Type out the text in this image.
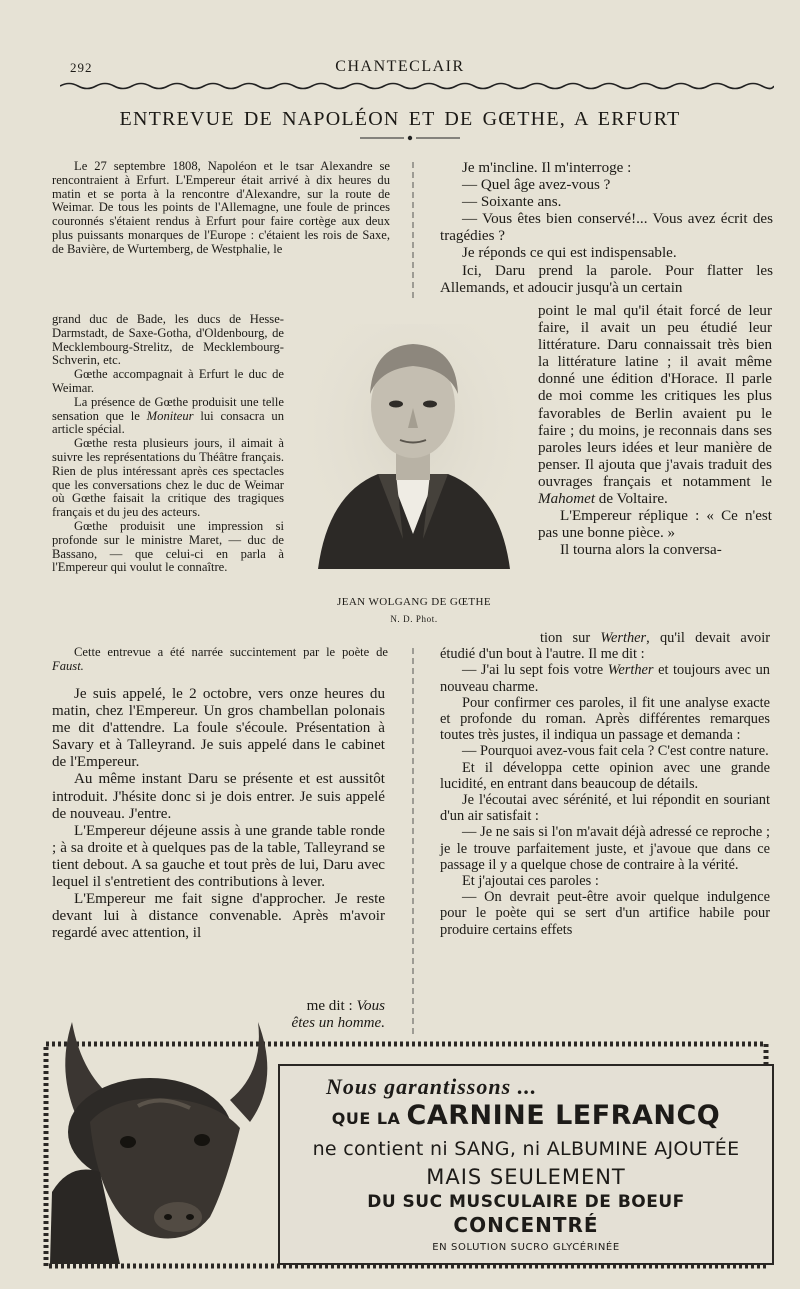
292	CHANTECLAIR
ENTREVUE DE NAPOLÉON ET DE GŒTHE, A ERFURT

Le 27 septembre 1808, Napoléon et le tsar Alexandre se rencontraient à Erfurt. L'Empereur était arrivé à dix heures du matin et se porta à la rencontre d'Alexandre, sur la route de Weimar. De tous les points de l'Allemagne, une foule de princes couronnés s'étaient rendus à Erfurt pour faire cortège aux deux plus puissants monarques de l'Europe : c'étaient les rois de Saxe, de Bavière, de Wurtemberg, de Westphalie, le

grand duc de Bade, les ducs de Hesse-Darmstadt, de Saxe-Gotha, d'Oldenbourg, de Mecklembourg-Strelitz, de Mecklembourg-Schverin, etc.

Gœthe accompagnait à Erfurt le duc de Weimar.

La présence de Gœthe produisit une telle sensation que le Moniteur lui consacra un article spécial.

Gœthe resta plusieurs jours, il aimait à suivre les représentations du Théâtre français. Rien de plus intéressant après ces spectacles que les conversations chez le duc de Weimar où Gœthe faisait la critique des tragiques français et du jeu des acteurs.

Gœthe produisit une impression si profonde sur le ministre Maret, — duc de Bassano, — que celui-ci en parla à l'Empereur qui voulut le connaître.

Cette entrevue a été narrée succintement par le poète de Faust.

Je suis appelé, le 2 octobre, vers onze heures du matin, chez l'Empereur. Un gros chambellan polonais me dit d'attendre. La foule s'écoule. Présentation à Savary et à Talleyrand. Je suis appelé dans le cabinet de l'Empereur.

Au même instant Daru se présente et est aussitôt introduit. J'hésite donc si je dois entrer. Je suis appelé de nouveau. J'entre.

L'Empereur déjeune assis à une grande table ronde ; à sa droite et à quelques pas de la table, Talleyrand se tient debout. A sa gauche et tout près de lui, Daru avec lequel il s'entretient des contributions à lever.

L'Empereur me fait signe d'approcher. Je reste devant lui à distance convenable. Après m'avoir regardé avec attention, il

me dit : Vous
êtes un homme.
JEAN WOLGANG DE GŒTHE
N. D. Phot.

Je m'incline. Il m'interroge :

— Quel âge avez-vous ?

— Soixante ans.

— Vous êtes bien conservé!... Vous avez écrit des tragédies ?

Je réponds ce qui est indispensable.

Ici, Daru prend la parole. Pour flatter les Allemands, et adoucir jusqu'à un certain

point le mal qu'il était forcé de leur faire, il avait un peu étudié leur littérature. Daru connaissait très bien la littérature latine ; il avait même donné une édition d'Horace. Il parle de moi comme les critiques les plus favorables de Berlin avaient pu le faire ; du moins, je reconnais dans ses paroles leurs idées et leur manière de penser. Il ajouta que j'avais traduit des ouvrages français et notamment le Mahomet de Voltaire.

L'Empereur réplique : « Ce n'est pas une bonne pièce. »

Il tourna alors la conversa-

tion sur Werther, qu'il devait avoir étudié d'un bout à l'autre. Il me dit :

— J'ai lu sept fois votre Werther et toujours avec un nouveau charme.

Pour confirmer ces paroles, il fit une analyse exacte et profonde du roman. Après différentes remarques toutes très justes, il indiqua un passage et demanda :

— Pourquoi avez-vous fait cela ? C'est contre nature.

Et il développa cette opinion avec une grande lucidité, en entrant dans beaucoup de détails.

Je l'écoutai avec sérénité, et lui répondit en souriant d'un air satisfait :

— Je ne sais si l'on m'avait déjà adressé ce reproche ; je le trouve parfaitement juste, et j'avoue que dans ce passage il y a quelque chose de contraire à la vérité.

Et j'ajoutai ces paroles :

— On devrait peut-être avoir quelque indulgence pour le poète qui se sert d'un artifice habile pour produire certains effets

Nous garantissons ...
QUE LA CARNINE LEFRANCQ
ne contient ni SANG, ni ALBUMINE AJOUTÉE
MAIS SEULEMENT
DU SUC MUSCULAIRE DE BOEUF
CONCENTRÉ
EN SOLUTION SUCRO GLYCÉRINÉE
